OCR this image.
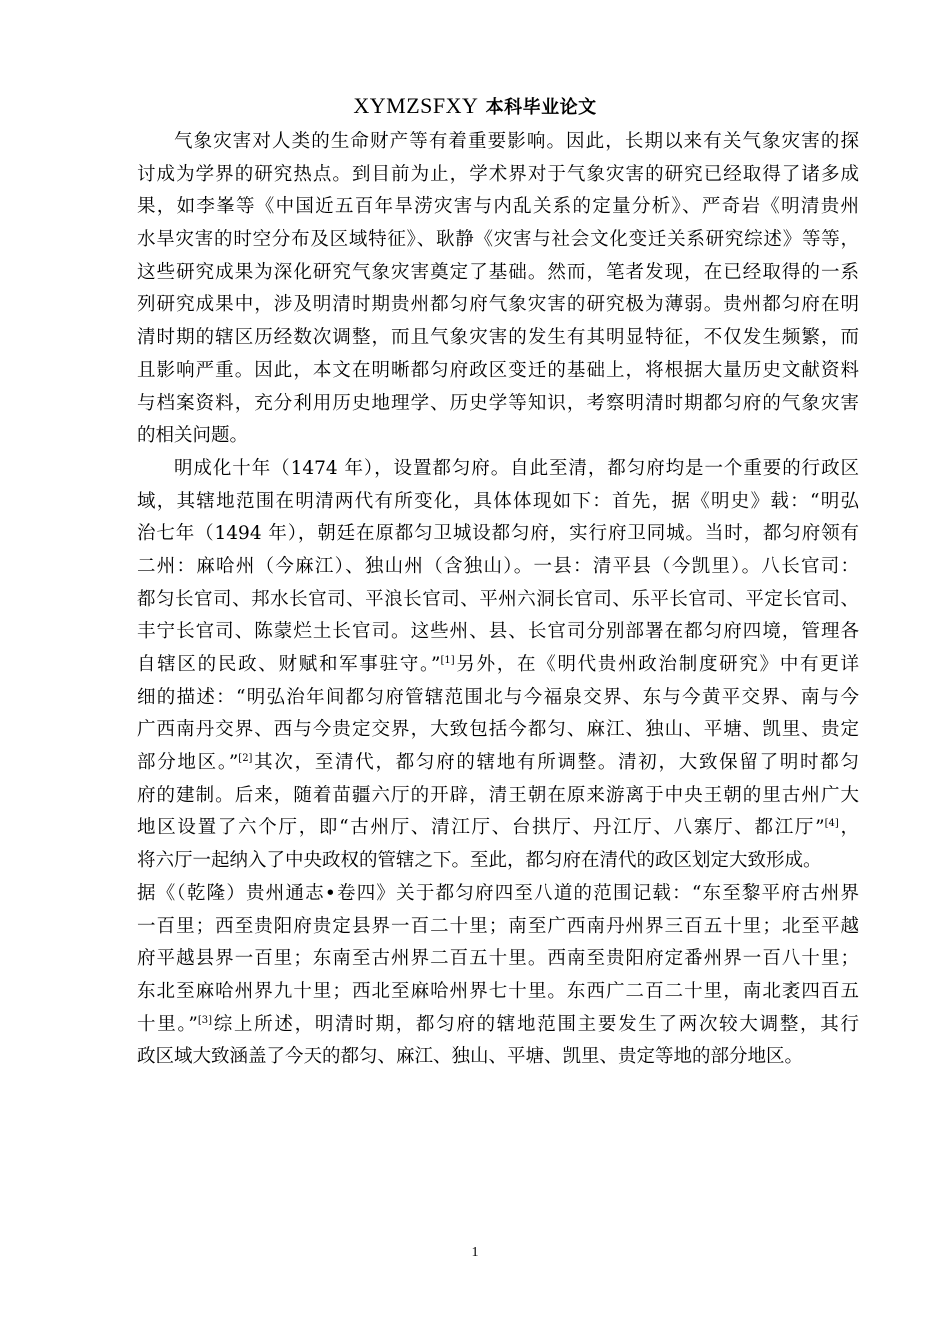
XYMZSFXY 本科毕业论文
气象灾害对人类的生命财产等有着重要影响。因此，长期以来有关气象灾害的探
讨成为学界的研究热点。到目前为止，学术界对于气象灾害的研究已经取得了诸多成
果，如李峯等《中国近五百年旱涝灾害与内乱关系的定量分析》、严奇岩《明清贵州
水旱灾害的时空分布及区域特征》、耿静《灾害与社会文化变迁关系研究综述》等等，
这些研究成果为深化研究气象灾害奠定了基础。然而，笔者发现，在已经取得的一系
列研究成果中，涉及明清时期贵州都匀府气象灾害的研究极为薄弱。贵州都匀府在明
清时期的辖区历经数次调整，而且气象灾害的发生有其明显特征，不仅发生频繁，而
且影响严重。因此，本文在明晰都匀府政区变迁的基础上，将根据大量历史文献资料
与档案资料，充分利用历史地理学、历史学等知识，考察明清时期都匀府的气象灾害
的相关问题。
明成化十年（1474 年），设置都匀府。自此至清，都匀府均是一个重要的行政区
域，其辖地范围在明清两代有所变化，具体体现如下：首先，据《明史》载：“明弘
治七年（1494 年），朝廷在原都匀卫城设都匀府，实行府卫同城。当时，都匀府领有
二州：麻哈州（今麻江）、独山州（含独山）。一县：清平县（今凯里）。八长官司：
都匀长官司、邦水长官司、平浪长官司、平州六洞长官司、乐平长官司、平定长官司、
丰宁长官司、陈蒙烂土长官司。这些州、县、长官司分别部署在都匀府四境，管理各
自辖区的民政、财赋和军事驻守。”[1]另外，在《明代贵州政治制度研究》中有更详
细的描述：“明弘治年间都匀府管辖范围北与今福泉交界、东与今黄平交界、南与今
广西南丹交界、西与今贵定交界，大致包括今都匀、麻江、独山、平塘、凯里、贵定
部分地区。”[2]其次，至清代，都匀府的辖地有所调整。清初，大致保留了明时都匀
府的建制。后来，随着苗疆六厅的开辟，清王朝在原来游离于中央王朝的里古州广大
地区设置了六个厅，即“古州厅、清江厅、台拱厅、丹江厅、八寨厅、都江厅”[4]，
将六厅一起纳入了中央政权的管辖之下。至此，都匀府在清代的政区划定大致形成。
据《（乾隆）贵州通志•卷四》关于都匀府四至八道的范围记载：“东至黎平府古州界
一百里；西至贵阳府贵定县界一百二十里；南至广西南丹州界三百五十里；北至平越
府平越县界一百里；东南至古州界二百五十里。西南至贵阳府定番州界一百八十里；
东北至麻哈州界九十里；西北至麻哈州界七十里。东西广二百二十里，南北袤四百五
十里。”[3]综上所述，明清时期，都匀府的辖地范围主要发生了两次较大调整，其行
政区域大致涵盖了今天的都匀、麻江、独山、平塘、凯里、贵定等地的部分地区。
1
